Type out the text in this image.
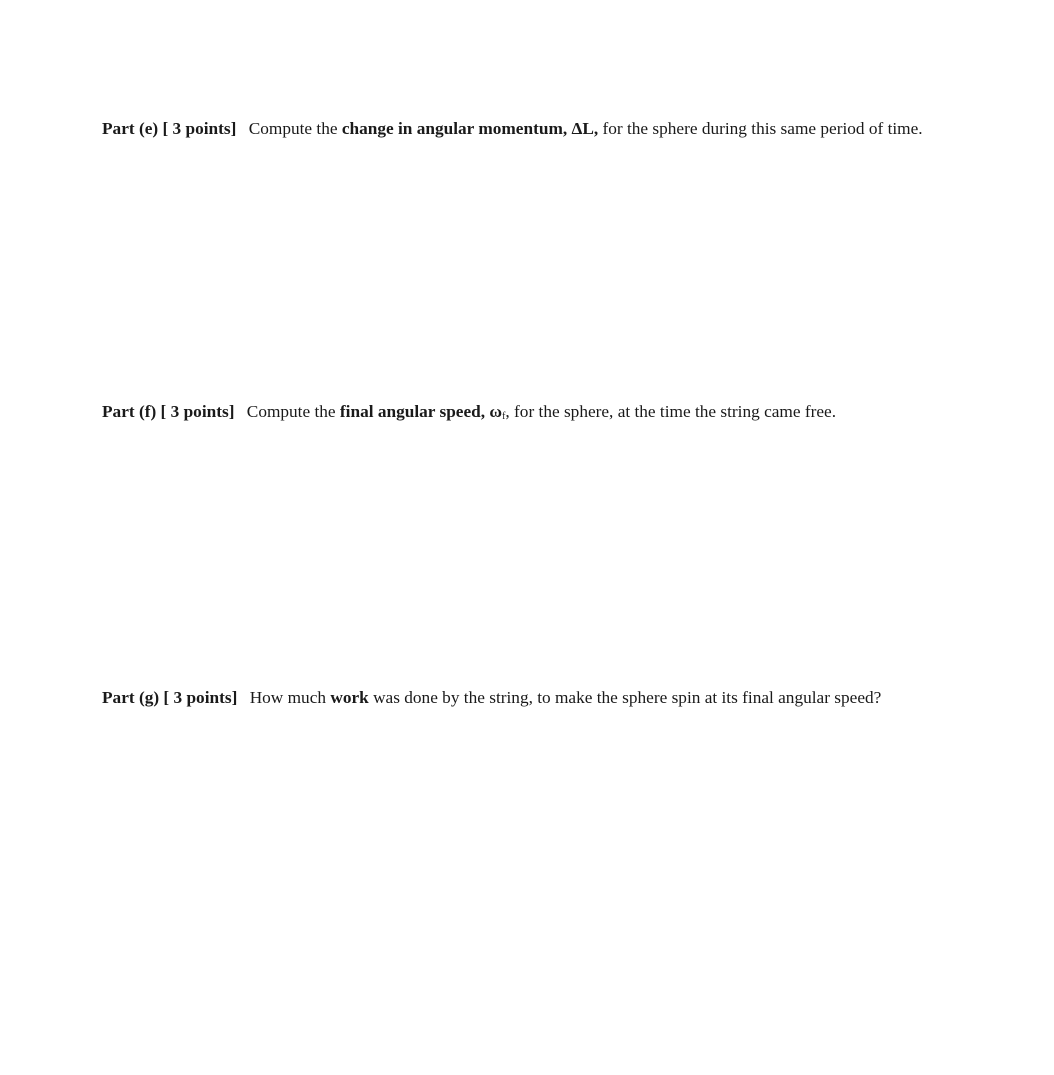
Part (e) [ 3 points] Compute the change in angular momentum, ΔL, for the sphere during this same period of time.

Part (f) [ 3 points] Compute the final angular speed, $\omega_f$, for the sphere, at the time the string came free.

Part (g) [ 3 points] How much work was done by the string, to make the sphere spin at its final angular speed?
